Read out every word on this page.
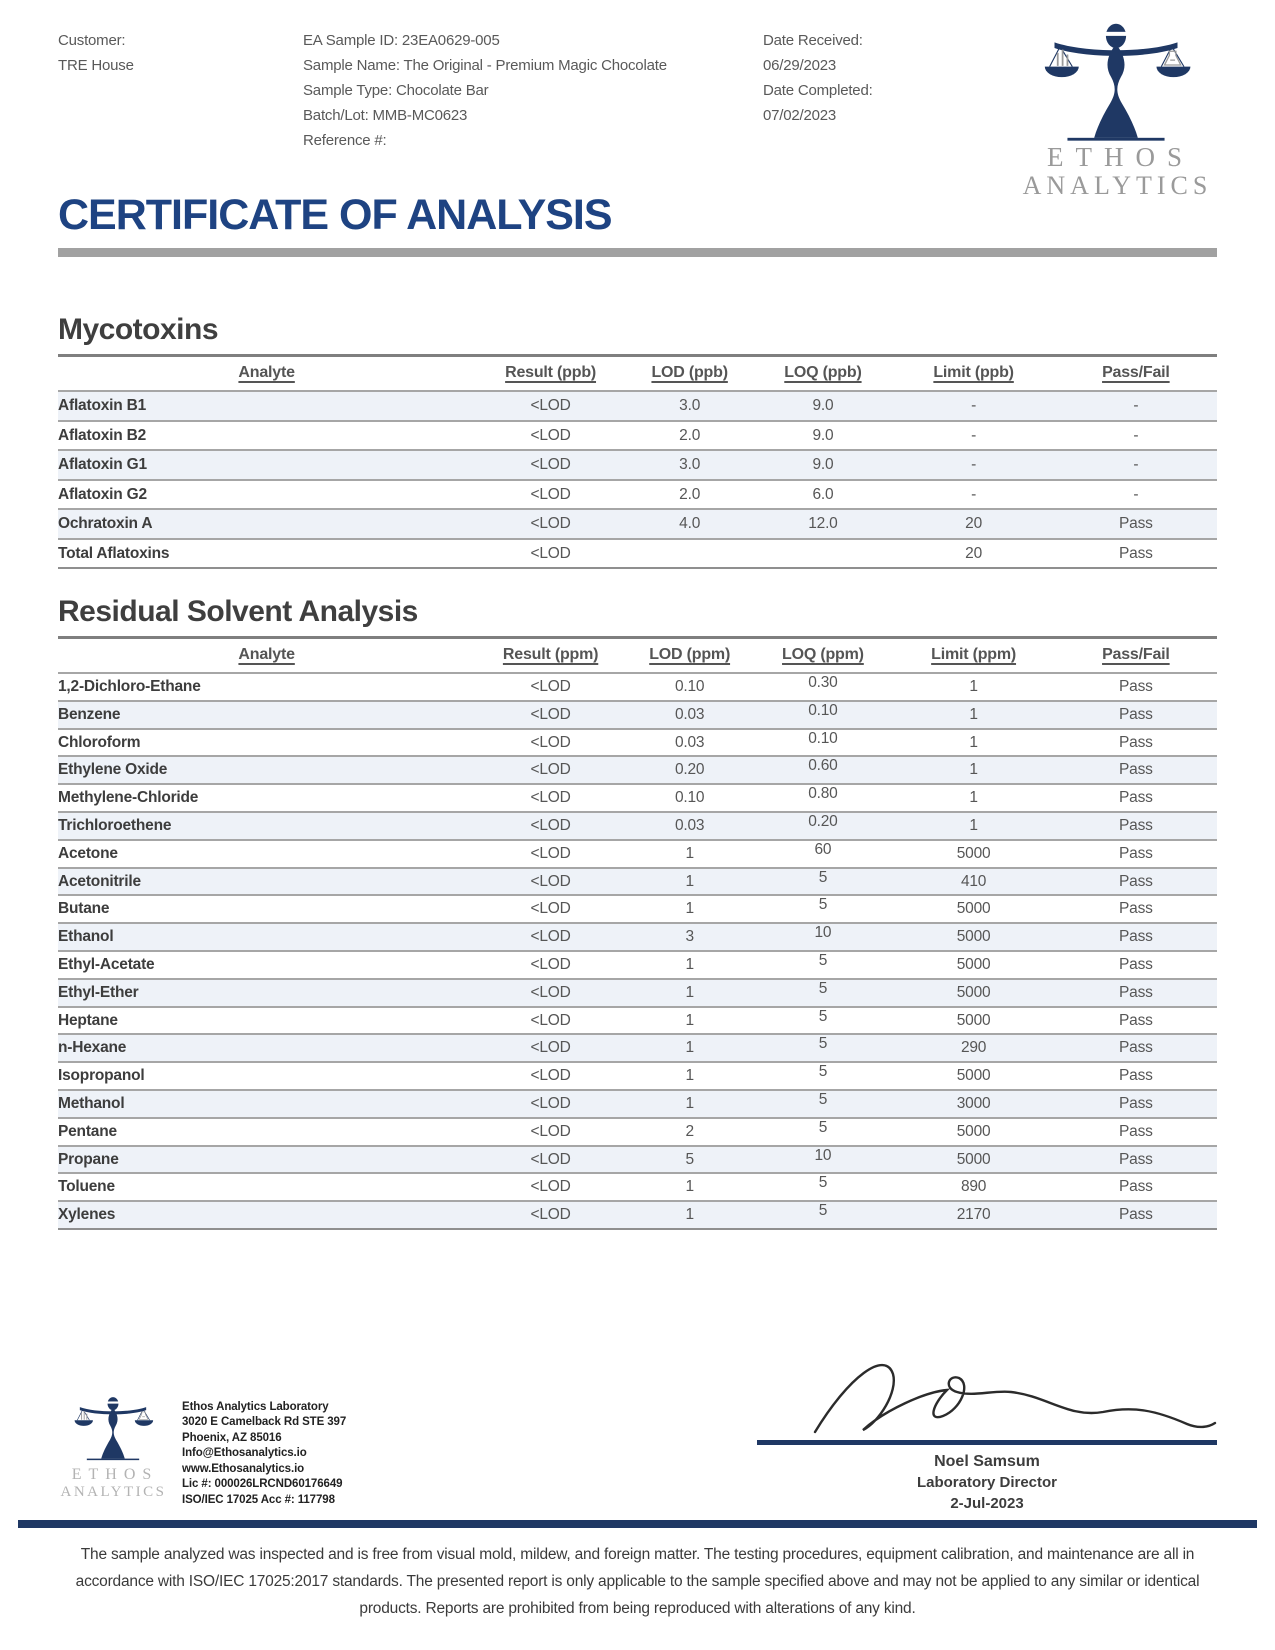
Customer:
TRE House
EA Sample ID: 23EA0629-005
Sample Name: The Original - Premium Magic Chocolate
Sample Type: Chocolate Bar
Batch/Lot: MMB-MC0623
Reference #:
Date Received:
06/29/2023
Date Completed:
07/02/2023
ETHOS
ANALYTICS
CERTIFICATE OF ANALYSIS
Mycotoxins
Analyte	Result (ppb)	LOD (ppb)	LOQ (ppb)	Limit (ppb)	Pass/Fail
Aflatoxin B1	<LOD	3.0	9.0	-	-
Aflatoxin B2	<LOD	2.0	9.0	-	-
Aflatoxin G1	<LOD	3.0	9.0	-	-
Aflatoxin G2	<LOD	2.0	6.0	-	-
Ochratoxin A	<LOD	4.0	12.0	20	Pass
Total Aflatoxins	<LOD			20	Pass
Residual Solvent Analysis
Analyte	Result (ppm)	LOD (ppm)	LOQ (ppm)	Limit (ppm)	Pass/Fail
1,2-Dichloro-Ethane	<LOD	0.10	0.30	1	Pass
Benzene	<LOD	0.03	0.10	1	Pass
Chloroform	<LOD	0.03	0.10	1	Pass
Ethylene Oxide	<LOD	0.20	0.60	1	Pass
Methylene-Chloride	<LOD	0.10	0.80	1	Pass
Trichloroethene	<LOD	0.03	0.20	1	Pass
Acetone	<LOD	1	60	5000	Pass
Acetonitrile	<LOD	1	5	410	Pass
Butane	<LOD	1	5	5000	Pass
Ethanol	<LOD	3	10	5000	Pass
Ethyl-Acetate	<LOD	1	5	5000	Pass
Ethyl-Ether	<LOD	1	5	5000	Pass
Heptane	<LOD	1	5	5000	Pass
n-Hexane	<LOD	1	5	290	Pass
Isopropanol	<LOD	1	5	5000	Pass
Methanol	<LOD	1	5	3000	Pass
Pentane	<LOD	2	5	5000	Pass
Propane	<LOD	5	10	5000	Pass
Toluene	<LOD	1	5	890	Pass
Xylenes	<LOD	1	5	2170	Pass
ETHOS
ANALYTICS
Ethos Analytics Laboratory
3020 E Camelback Rd STE 397
Phoenix, AZ 85016
Info@Ethosanalytics.io
www.Ethosanalytics.io
Lic #: 000026LRCND60176649
ISO/IEC 17025 Acc #: 117798
Noel Samsum
Laboratory Director
2-Jul-2023
The sample analyzed was inspected and is free from visual mold, mildew, and foreign matter. The testing procedures, equipment calibration, and maintenance are all in accordance with ISO/IEC 17025:2017 standards. The presented report is only applicable to the sample specified above and may not be applied to any similar or identical products. Reports are prohibited from being reproduced with alterations of any kind.
